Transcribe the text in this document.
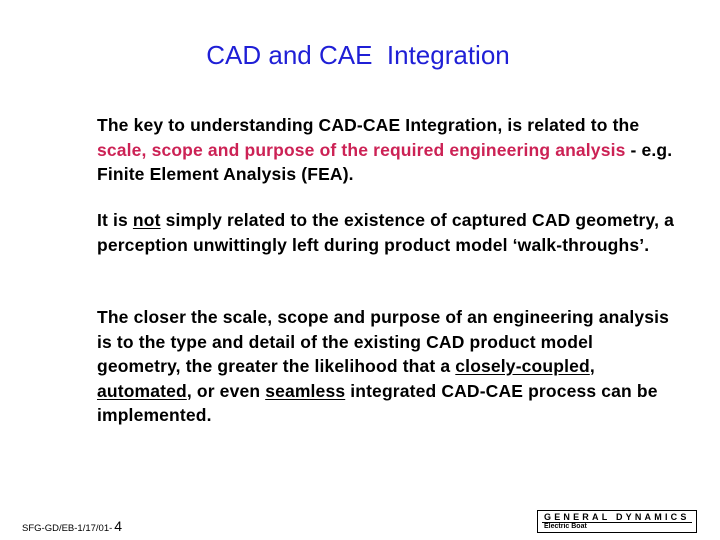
CAD and CAE  Integration
The key to understanding CAD-CAE Integration, is related to the scale, scope and purpose of the required engineering analysis - e.g. Finite Element Analysis (FEA).
It is not simply related to the existence of captured CAD geometry, a perception unwittingly left during product model ‘walk-throughs’.
The closer the scale, scope and purpose of an engineering analysis is to the type and detail of the existing CAD product model geometry, the greater the likelihood that a closely-coupled, automated, or even seamless integrated CAD-CAE process can be implemented.
SFG-GD/EB-1/17/01- 4
GENERAL DYNAMICS
Electric Boat
